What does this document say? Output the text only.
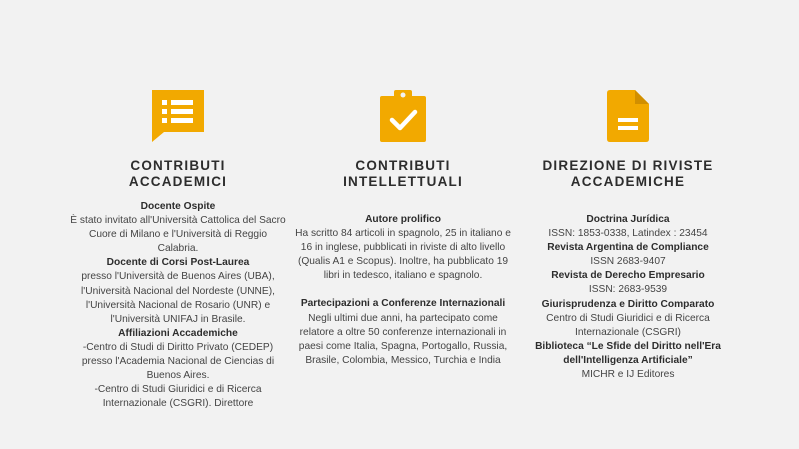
CONTRIBUTI
ACCADEMICI
Docente Ospite
È stato invitato all'Università Cattolica del Sacro Cuore di Milano e l'Università di Reggio Calabria.
Docente di Corsi Post-Laurea
presso l'Università de Buenos Aires (UBA), l'Università Nacional del Nordeste (UNNE), l'Università Nacional de Rosario (UNR) e l'Università UNIFAJ in Brasile.
Affiliazioni Accademiche
-Centro di Studi di Diritto Privato (CEDEP) presso l'Academia Nacional de Ciencias di Buenos Aires.
-Centro di Studi Giuridici e di Ricerca Internazionale (CSGRI). Direttore
CONTRIBUTI
INTELLETTUALI
Autore prolifico
Ha scritto 84 articoli in spagnolo, 25 in italiano e 16 in inglese, pubblicati in riviste di alto livello (Qualis A1 e Scopus). Inoltre, ha pubblicato 19 libri in tedesco, italiano e spagnolo.
Partecipazioni a Conferenze Internazionali
Negli ultimi due anni, ha partecipato come relatore a oltre 50 conferenze internazionali in paesi come Italia, Spagna, Portogallo, Russia, Brasile, Colombia, Messico, Turchia e India
DIREZIONE DI RIVISTE
ACCADEMICHE
Doctrina Jurídica
ISSN: 1853-0338, Latindex : 23454
Revista Argentina de Compliance
ISSN 2683-9407
Revista de Derecho Empresario
ISSN: 2683-9539
Giurisprudenza e Diritto Comparato
Centro di Studi Giuridici e di Ricerca Internazionale (CSGRI)
Biblioteca “Le Sfide del Diritto nell'Era dell'Intelligenza Artificiale”
MICHR e IJ Editores
